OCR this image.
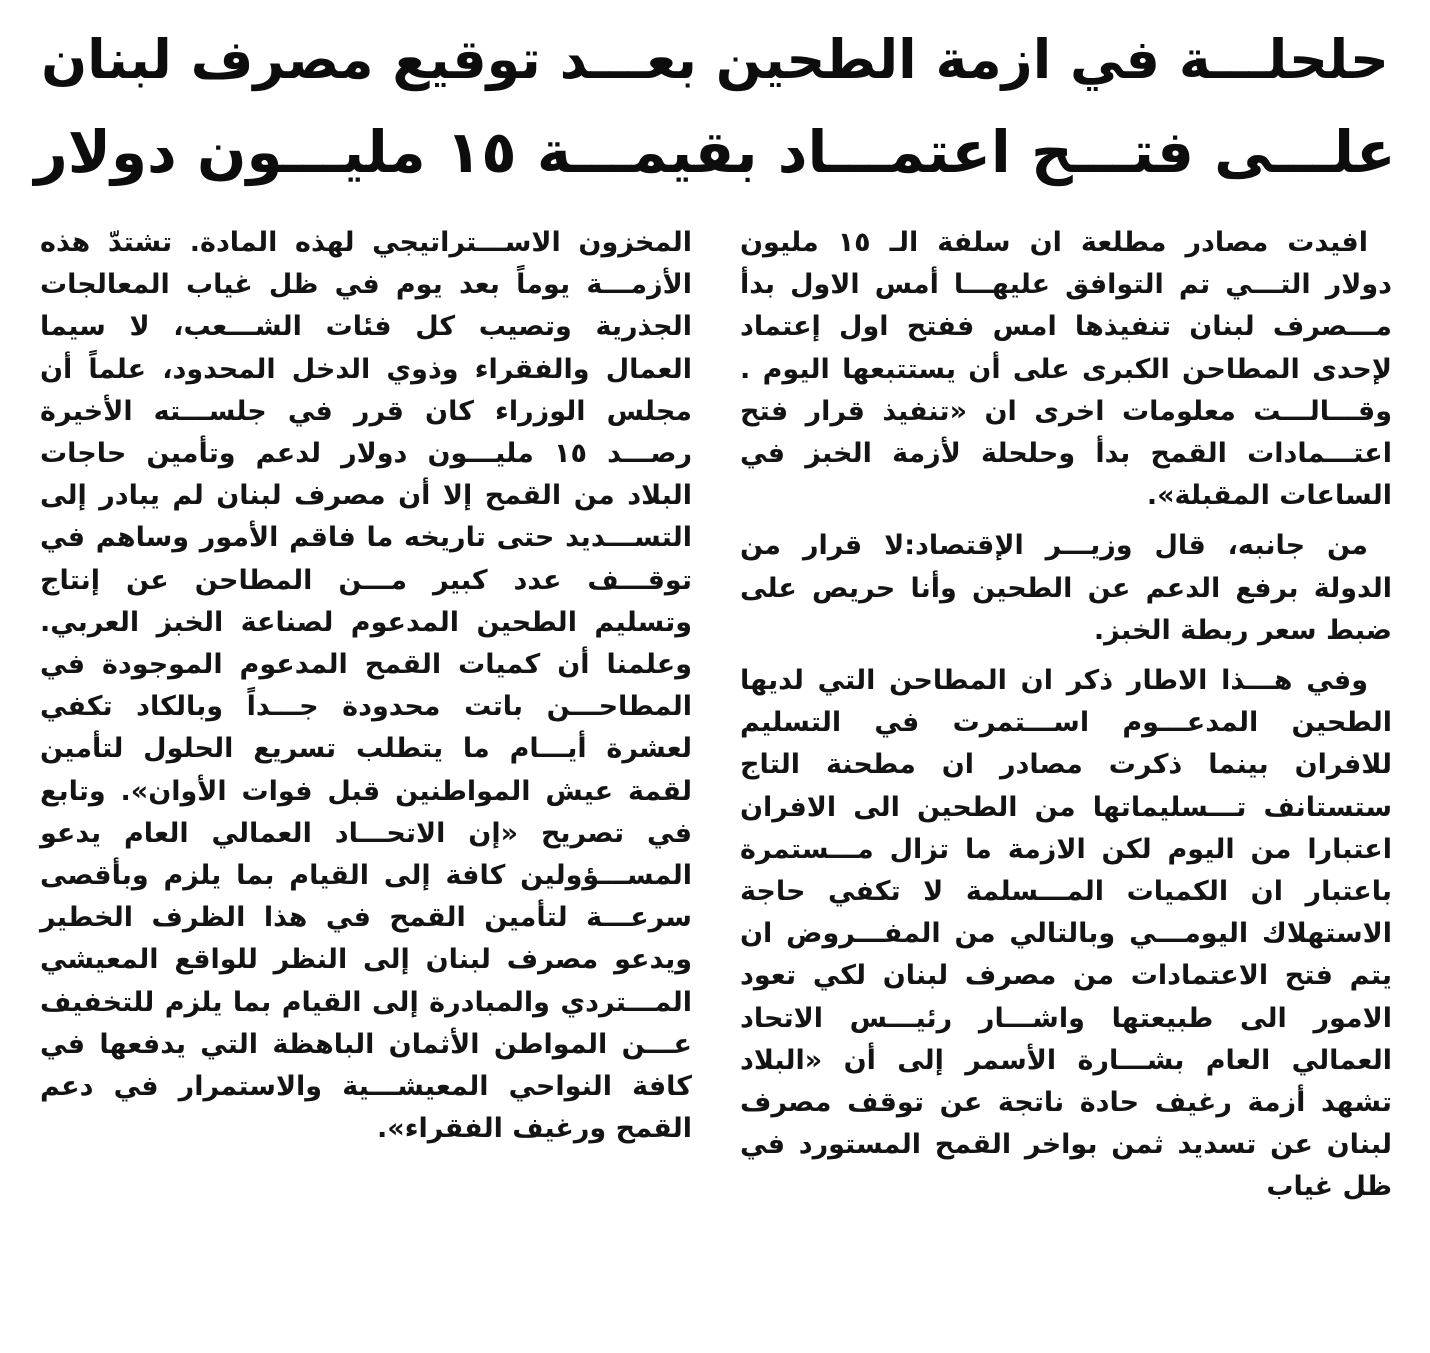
حلحلـــة في ازمة الطحين بعـــد توقيع مصرف لبنان
علـــى فتـــح اعتمـــاد بقيمـــة ١٥ مليـــون دولار

افيدت مصادر مطلعة ان سلفة الـ ١٥ مليون دولار التـــي تم التوافق عليهـــا أمس الاول بدأ مـــصرف لبنان تنفيذها امس ففتح اول إعتماد لإحدى المطاحن الكبرى على أن يستتبعها اليوم . وقـــالـــت معلومات اخرى ان «تنفيذ قرار فتح اعتـــمادات القمح بدأ وحلحلة لأزمة الخبز في الساعات المقبلة».

من جانبه، قال وزيـــر الإقتصاد:لا قرار من الدولة برفع الدعم عن الطحين وأنا حريص على ضبط سعر ربطة الخبز.

وفي هـــذا الاطار ذكر ان المطاحن التي لديها الطحين المدعـــوم اســـتمرت في التسليم للافران بينما ذكرت مصادر ان مطحنة التاج ستستانف تـــسليماتها من الطحين الى الافران اعتبارا من اليوم لكن الازمة ما تزال مـــستمرة باعتبار ان الكميات المـــسلمة لا تكفي حاجة الاستهلاك اليومـــي وبالتالي من المفـــروض ان يتم فتح الاعتمادات من مصرف لبنان لكي تعود الامور الى طبيعتها واشـــار رئيـــس الاتحاد العمالي العام بشـــارة الأسمر إلى أن «البلاد تشهد أزمة رغيف حادة ناتجة عن توقف مصرف لبنان عن تسديد ثمن بواخر القمح المستورد في ظل غياب

المخزون الاســـتراتيجي لهذه المادة. تشتدّ هذه الأزمـــة يوماً بعد يوم في ظل غياب المعالجات الجذرية وتصيب كل فئات الشـــعب، لا سيما العمال والفقراء وذوي الدخل المحدود، علماً أن مجلس الوزراء كان قرر في جلســـته الأخيرة رصـــد ١٥ مليـــون دولار لدعم وتأمين حاجات البلاد من القمح إلا أن مصرف لبنان لم يبادر إلى التســـديد حتى تاريخه ما فاقم الأمور وساهم في توقـــف عدد كبير مـــن المطاحن عن إنتاج وتسليم الطحين المدعوم لصناعة الخبز العربي. وعلمنا أن كميات القمح المدعوم الموجودة في المطاحـــن باتت محدودة جـــداً وبالكاد تكفي لعشرة أيـــام ما يتطلب تسريع الحلول لتأمين لقمة عيش المواطنين قبل فوات الأوان». وتابع في تصريح «إن الاتحـــاد العمالي العام يدعو المســـؤولين كافة إلى القيام بما يلزم وبأقصى سرعـــة لتأمين القمح في هذا الظرف الخطير ويدعو مصرف لبنان إلى النظر للواقع المعيشي المـــتردي والمبادرة إلى القيام بما يلزم للتخفيف عـــن المواطن الأثمان الباهظة التي يدفعها في كافة النواحي المعيشـــية والاستمرار في دعم القمح ورغيف الفقراء».
